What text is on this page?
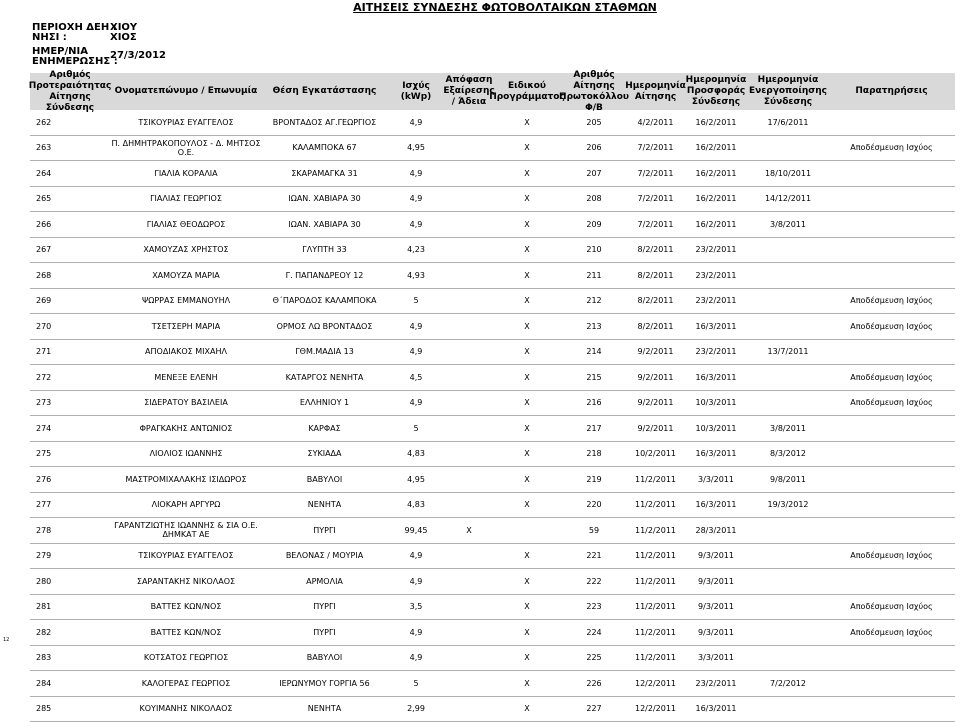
ΑΙΤΗΣΕΙΣ ΣΥΝΔΕΣΗΣ ΦΩΤΟΒΟΛΤΑΙΚΩΝ ΣΤΑΘΜΩΝ
ΠΕΡΙΟΧΗ ΔΕΗ :
ΧΙΟΥ
ΝΗΣΙ :	ΧΙΟΣ
ΗΜΕΡ/ΝΙΑ
ΕΝΗΜΕΡΩΣΗΣ :
27/3/2012
Αριθμός Προτεραιότητας Αίτησης Σύνδεσης
Ονοματεπώνυμο / Επωνυμία	Θέση Εγκατάστασης
Ισχύς (kWp)
Απόφαση Εξαίρεσης / Άδεια
Ειδικού Προγράμματος
Αριθμός Αίτησης Πρωτοκόλλου Φ/Β
Ημερομηνία Αίτησης
Ημερομηνία Προσφοράς Σύνδεσης
Ημερομηνία Ενεργοποίησης Σύνδεσης
Παρατηρήσεις
262	ΤΣΙΚΟΥΡΙΑΣ ΕΥΑΓΓΕΛΟΣ	ΒΡΟΝΤΑΔΟΣ ΑΓ.ΓΕΩΡΓΙΟΣ	4,9		Χ	205	4/2/2011	16/2/2011	17/6/2011	
263	Π. ΔΗΜΗΤΡΑΚΟΠΟΥΛΟΣ - Δ. ΜΗΤΣΟΣ Ο.Ε.	ΚΑΛΑΜΠΟΚΑ 67	4,95		Χ	206	7/2/2011	16/2/2011		Αποδέσμευση Ισχύος
264	ΓΙΑΛΙΑ ΚΟΡΑΛΙΑ	ΣΚΑΡΑΜΑΓΚΑ 31	4,9		Χ	207	7/2/2011	16/2/2011	18/10/2011	
265	ΓΙΑΛΙΑΣ ΓΕΩΡΓΙΟΣ	ΙΩΑΝ. ΧΑΒΙΑΡΑ 30	4,9		Χ	208	7/2/2011	16/2/2011	14/12/2011	
266	ΓΙΑΛΙΑΣ ΘΕΟΔΩΡΟΣ	ΙΩΑΝ. ΧΑΒΙΑΡΑ 30	4,9		Χ	209	7/2/2011	16/2/2011	3/8/2011	
267	ΧΑΜΟΥΖΑΣ ΧΡΗΣΤΟΣ	ΓΛΥΠΤΗ 33	4,23		Χ	210	8/2/2011	23/2/2011		
268	ΧΑΜΟΥΖΑ ΜΑΡΙΑ	Γ. ΠΑΠΑΝΔΡΕΟΥ 12	4,93		Χ	211	8/2/2011	23/2/2011		
269	ΨΩΡΡΑΣ ΕΜΜΑΝΟΥΗΛ	Θ΄ΠΑΡΟΔΟΣ ΚΑΛΑΜΠΟΚΑ	5		Χ	212	8/2/2011	23/2/2011		Αποδέσμευση Ισχύος
270	ΤΣΕΤΣΕΡΗ ΜΑΡΙΑ	ΟΡΜΟΣ ΛΩ ΒΡΟΝΤΑΔΟΣ	4,9		Χ	213	8/2/2011	16/3/2011		Αποδέσμευση Ισχύος
271	ΑΠΟΔΙΑΚΟΣ ΜΙΧΑΗΛ	ΓΘΜ.ΜΑΔΙΑ 13	4,9		Χ	214	9/2/2011	23/2/2011	13/7/2011	
272	ΜΕΝΕΞΕ ΕΛΕΝΗ	ΚΑΤΑΡΓΟΣ ΝΕΝΗΤΑ	4,5		Χ	215	9/2/2011	16/3/2011		Αποδέσμευση Ισχύος
273	ΣΙΔΕΡΑΤΟΥ ΒΑΣΙΛΕΙΑ	ΕΛΛΗΝΙΟΥ 1	4,9		Χ	216	9/2/2011	10/3/2011		Αποδέσμευση Ισχύος
274	ΦΡΑΓΚΑΚΗΣ ΑΝΤΩΝΙΟΣ	ΚΑΡΦΑΣ	5		Χ	217	9/2/2011	10/3/2011	3/8/2011	
275	ΛΙΟΛΙΟΣ ΙΩΑΝΝΗΣ	ΣΥΚΙΑΔΑ	4,83		Χ	218	10/2/2011	16/3/2011	8/3/2012	
276	ΜΑΣΤΡΟΜΙΧΑΛΑΚΗΣ ΙΣΙΔΩΡΟΣ	ΒΑΒΥΛΟΙ	4,95		Χ	219	11/2/2011	3/3/2011	9/8/2011	
277	ΛΙΟΚΑΡΗ ΑΡΓΥΡΩ	ΝΕΝΗΤΑ	4,83		Χ	220	11/2/2011	16/3/2011	19/3/2012	
278	ΓΑΡΑΝΤΖΙΩΤΗΣ ΙΩΑΝΝΗΣ & ΣΙΑ Ο.Ε. ΔΗΜΚΑΤ ΑΕ	ΠΥΡΓΙ	99,45	Χ		59	11/2/2011	28/3/2011		
279	ΤΣΙΚΟΥΡΙΑΣ ΕΥΑΓΓΕΛΟΣ	ΒΕΛΟΝΑΣ / ΜΟΥΡΙΑ	4,9		Χ	221	11/2/2011	9/3/2011		Αποδέσμευση Ισχύος
280	ΣΑΡΑΝΤΑΚΗΣ ΝΙΚΟΛΑΟΣ	ΑΡΜΟΛΙΑ	4,9		Χ	222	11/2/2011	9/3/2011		
281	ΒΑΤΤΕΣ ΚΩΝ/ΝΟΣ	ΠΥΡΓΙ	3,5		Χ	223	11/2/2011	9/3/2011		Αποδέσμευση Ισχύος
282	ΒΑΤΤΕΣ ΚΩΝ/ΝΟΣ	ΠΥΡΓΙ	4,9		Χ	224	11/2/2011	9/3/2011		Αποδέσμευση Ισχύος
283	ΚΟΤΣΑΤΟΣ ΓΕΩΡΓΙΟΣ	ΒΑΒΥΛΟΙ	4,9		Χ	225	11/2/2011	3/3/2011		
284	ΚΑΛΟΓΕΡΑΣ ΓΕΩΡΓΙΟΣ	ΙΕΡΩΝΥΜΟΥ ΓΟΡΓΙΑ 56	5		Χ	226	12/2/2011	23/2/2011	7/2/2012	
285	ΚΟΥΙΜΑΝΗΣ ΝΙΚΟΛΑΟΣ	ΝΕΝΗΤΑ	2,99		Χ	227	12/2/2011	16/3/2011		
12
